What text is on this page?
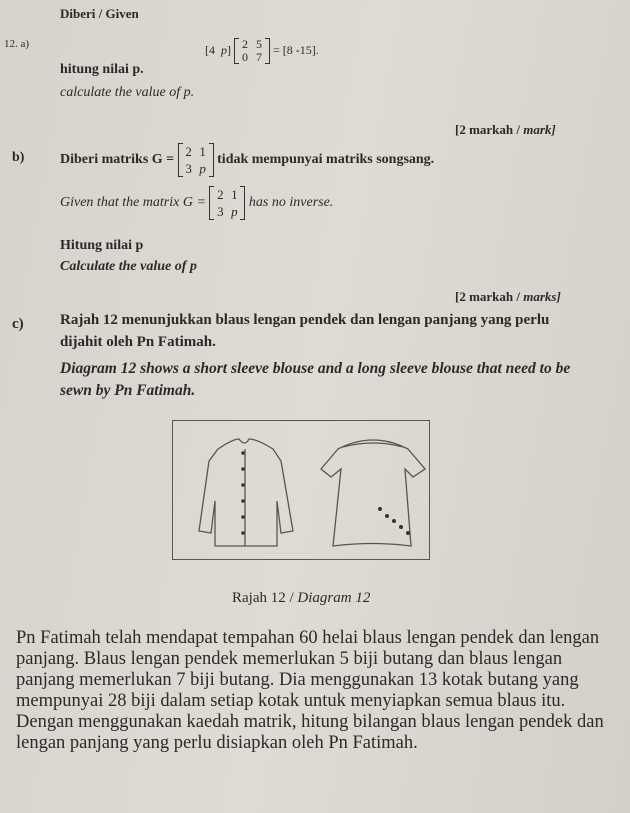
12. a)
Diberi / Given
[4 p] 2 5
0 7
= [8 -15].
hitung nilai p.
calculate the value of p.
[2 markah / mark]
b)	Diberi matriks G =
2 1
3 p
tidak mempunyai matriks songsang.
Given that the matrix G =
2 1
3 p
has no inverse.
Hitung nilai p
Calculate the value of p
[2 markah / marks]
c) Rajah 12 menunjukkan blaus lengan pendek dan lengan panjang yang perlu
dijahit oleh Pn Fatimah.
Diagram 12 shows a short sleeve blouse and a long sleeve blouse that need to be
sewn by Pn Fatimah.
Rajah 12 / Diagram 12
Pn Fatimah telah mendapat tempahan 60 helai blaus lengan pendek dan lengan
panjang. Blaus lengan pendek memerlukan 5 biji butang dan blaus lengan
panjang memerlukan 7 biji butang. Dia menggunakan 13 kotak butang yang
mempunyai 28 biji dalam setiap kotak untuk menyiapkan semua blaus itu.
Dengan menggunakan kaedah matrik, hitung bilangan blaus lengan pendek dan
lengan panjang yang perlu disiapkan oleh Pn Fatimah.
